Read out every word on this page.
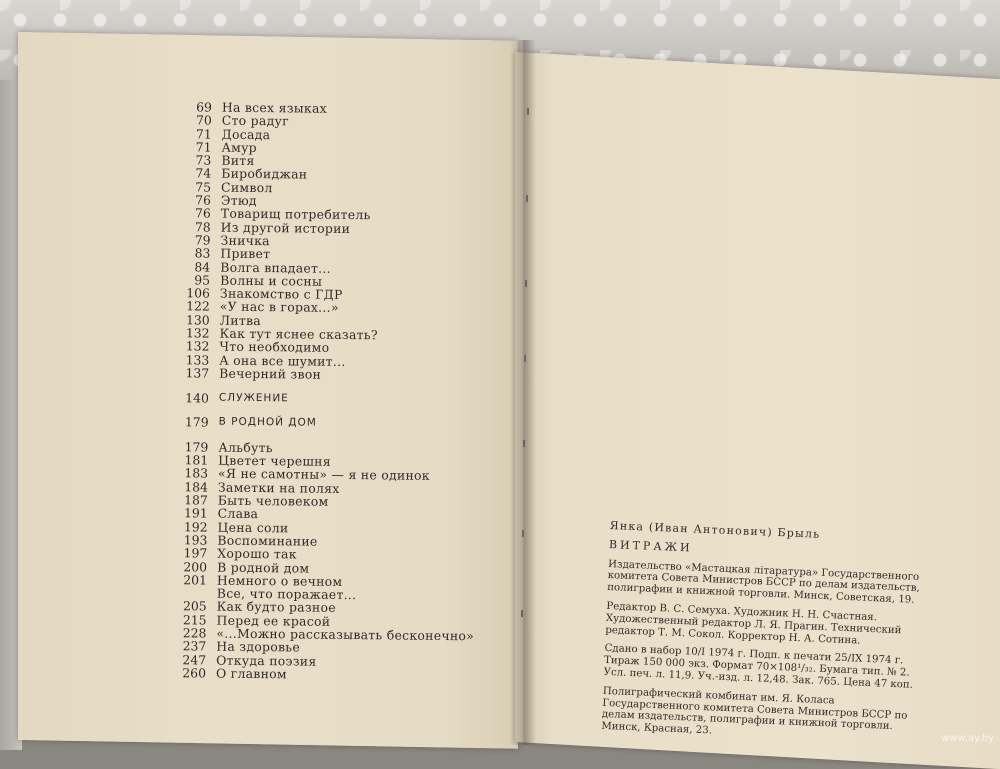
69 На всех языках
70 Сто радуг
71 Досада
71 Амур
73 Витя
74 Биробиджан
75 Символ
76 Этюд
76 Товарищ потребитель
78 Из другой истории
79 Зничка
83 Привет
84 Волга впадает...
95 Волны и сосны
106 Знакомство с ГДР
122 «У нас в горах...»
130 Литва
132 Как тут яснее сказать?
132 Что необходимо
133 А она все шумит...
137 Вечерний звон
140 СЛУЖЕНИЕ
179 В РОДНОЙ ДОМ
179 Альбуть
181 Цветет черешня
183 «Я не самотны» — я не одинок
184 Заметки на полях
187 Быть человеком
191 Слава
192 Цена соли
193 Воспоминание
197 Хорошо так
200 В родной дом
201 Немного о вечном
Все, что поражает...
205 Как будто разное
215 Перед ее красой
228 «...Можно рассказывать бесконечно»
237 На здоровье
247 Откуда поэзия
260 О главном

Янка (Иван Антонович) Брыль

ВИТРАЖИ

Издательство «Мастацкая літаратура» Государственного комитета Совета Министров БССР по делам издательств, полиграфии и книжной торговли. Минск, Советская, 19.

Редактор В. С. Семуха. Художник Н. Н. Счастная. Художественный редактор Л. Я. Прагин. Технический редактор Т. М. Сокол. Корректор Н. А. Сотина.

Сдано в набор 10/I 1974 г. Подп. к печати 25/IX 1974 г. Тираж 150 000 экз. Формат 70×108¹/₃₂. Бумага тип. № 2. Усл. печ. л. 11,9. Уч.-изд. л. 12,48. Зак. 765. Цена 47 коп.

Полиграфический комбинат им. Я. Коласа Государственного комитета Совета Министров БССР по делам издательств, полиграфии и книжной торговли. Минск, Красная, 23.

www.ay.by
